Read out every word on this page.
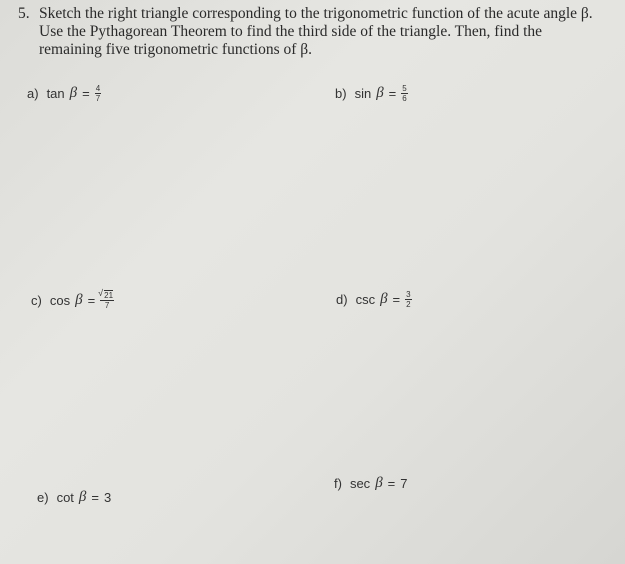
5. Sketch the right triangle corresponding to the trigonometric function of the acute angle β.
Use the Pythagorean Theorem to find the third side of the triangle. Then, find the
remaining five trigonometric functions of β.
a) $\tan \beta = \frac{4}{7}$	b) $\sin \beta = \frac{5}{6}$
c) cos β =
√ $\frac{21}{7}$	d) $\csc \beta = \frac{3}{2}$
e) cot β = 3
f) sec β = 7
